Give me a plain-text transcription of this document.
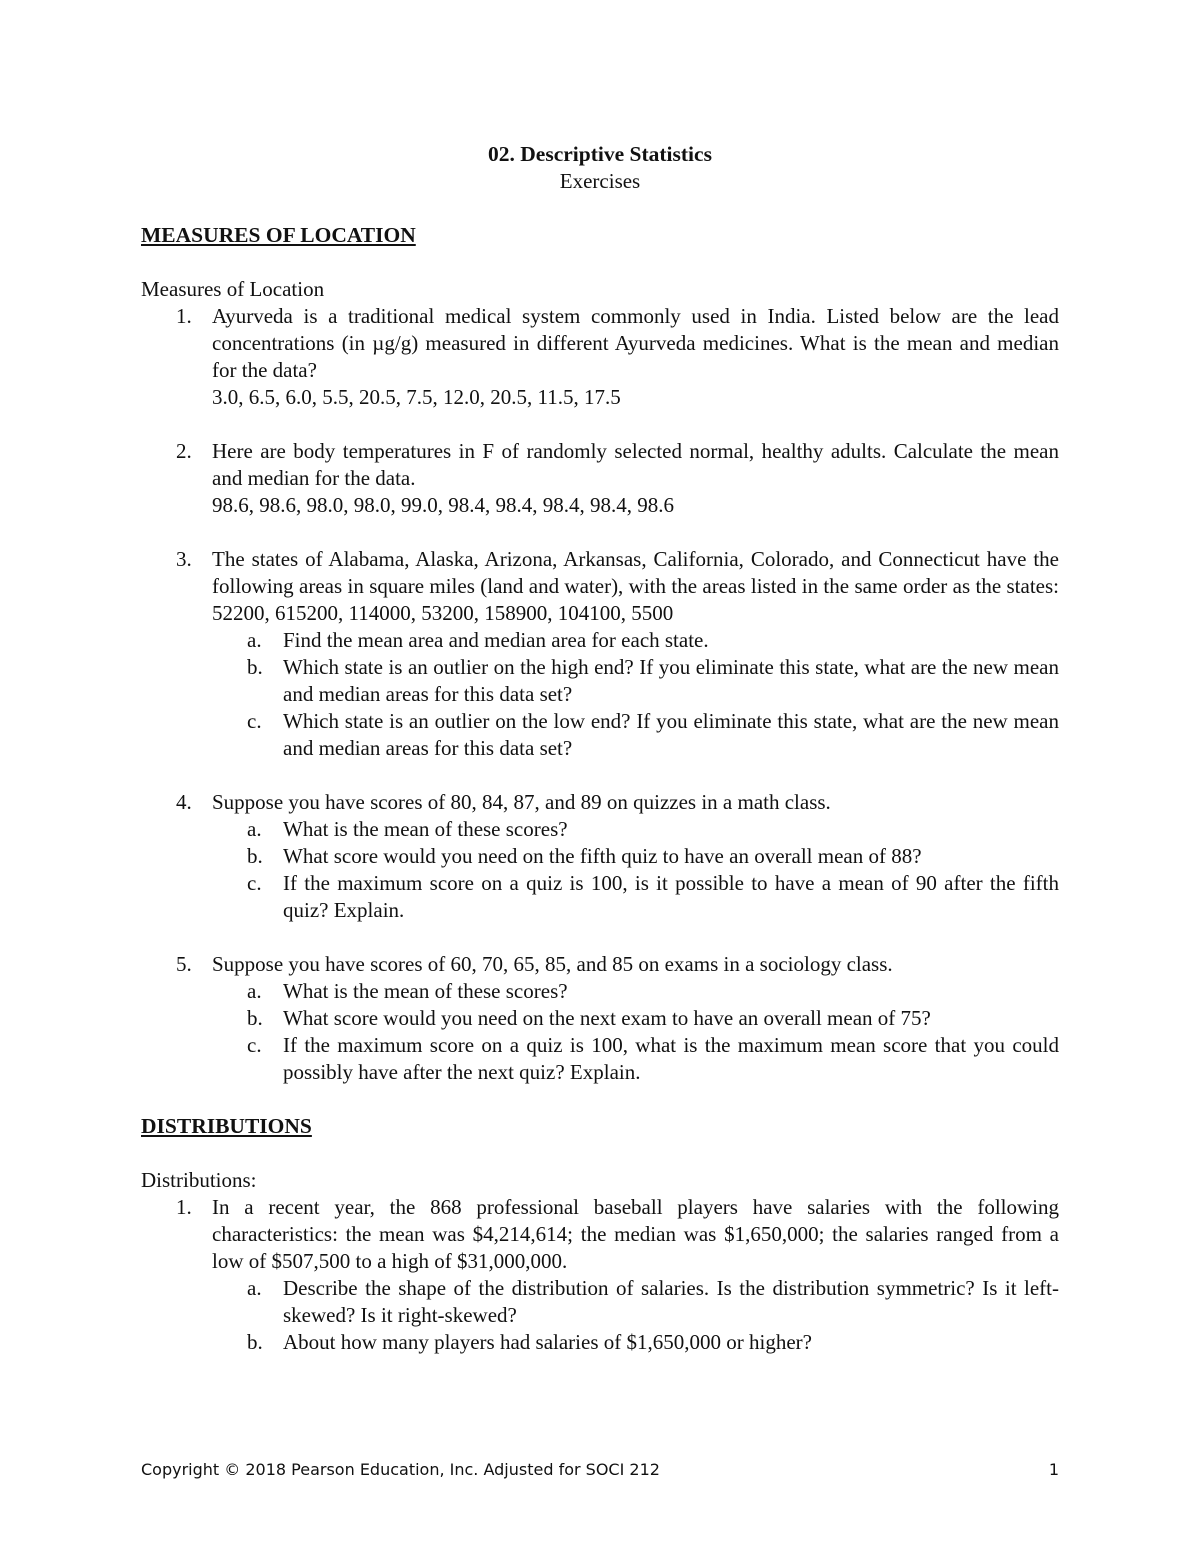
02. Descriptive Statistics

Exercises

MEASURES OF LOCATION

Measures of Location

1. Ayurveda is a traditional medical system commonly used in India. Listed below are the lead concentrations (in µg/g) measured in different Ayurveda medicines. What is the mean and median for the data?

3.0, 6.5, 6.0, 5.5, 20.5, 7.5, 12.0, 20.5, 11.5, 17.5

2. Here are body temperatures in F of randomly selected normal, healthy adults. Calculate the mean and median for the data.

98.6, 98.6, 98.0, 98.0, 99.0, 98.4, 98.4, 98.4, 98.4, 98.6

3. The states of Alabama, Alaska, Arizona, Arkansas, California, Colorado, and Connecticut have the following areas in square miles (land and water), with the areas listed in the same order as the states: 52200, 615200, 114000, 53200, 158900, 104100, 5500

a. Find the mean area and median area for each state.

b. Which state is an outlier on the high end? If you eliminate this state, what are the new mean and median areas for this data set?

c. Which state is an outlier on the low end? If you eliminate this state, what are the new mean and median areas for this data set?

4. Suppose you have scores of 80, 84, 87, and 89 on quizzes in a math class.

a. What is the mean of these scores?

b. What score would you need on the fifth quiz to have an overall mean of 88?

c. If the maximum score on a quiz is 100, is it possible to have a mean of 90 after the fifth quiz? Explain.

5. Suppose you have scores of 60, 70, 65, 85, and 85 on exams in a sociology class.

a. What is the mean of these scores?

b. What score would you need on the next exam to have an overall mean of 75?

c. If the maximum score on a quiz is 100, what is the maximum mean score that you could possibly have after the next quiz? Explain.

DISTRIBUTIONS

Distributions:

1. In a recent year, the 868 professional baseball players have salaries with the following characteristics: the mean was $4,214,614; the median was $1,650,000; the salaries ranged from a low of $507,500 to a high of $31,000,000.

a. Describe the shape of the distribution of salaries. Is the distribution symmetric? Is it left-skewed? Is it right-skewed?

b. About how many players had salaries of $1,650,000 or higher?

Copyright © 2018 Pearson Education, Inc. Adjusted for SOCI 212	1
